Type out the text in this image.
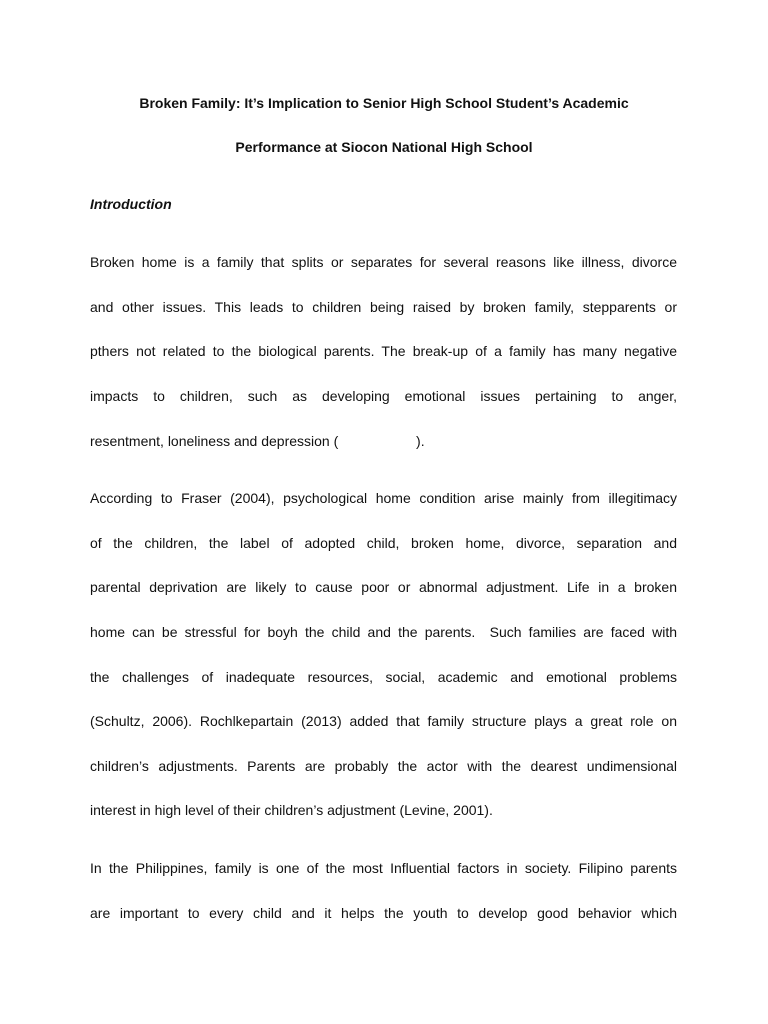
Broken Family: It’s Implication to Senior High School Student’s Academic
Performance at Siocon National High School
Introduction
Broken home is a family that splits or separates for several reasons like illness, divorce
and other issues. This leads to children being raised by broken family, stepparents or
pthers not related to the biological parents. The break-up of a family has many negative
impacts to children, such as developing emotional issues pertaining to anger,
resentment, loneliness and depression (                    ).
According to Fraser (2004), psychological home condition arise mainly from illegitimacy
of the children, the label of adopted child, broken home, divorce, separation and
parental deprivation are likely to cause poor or abnormal adjustment. Life in a broken
home can be stressful for boyh the child and the parents.  Such families are faced with
the challenges of inadequate resources, social, academic and emotional problems
(Schultz, 2006). Rochlkepartain (2013) added that family structure plays a great role on
children’s adjustments. Parents are probably the actor with the dearest undimensional
interest in high level of their children’s adjustment (Levine, 2001).
In the Philippines, family is one of the most Influential factors in society. Filipino parents
are important to every child and it helps the youth to develop good behavior which
